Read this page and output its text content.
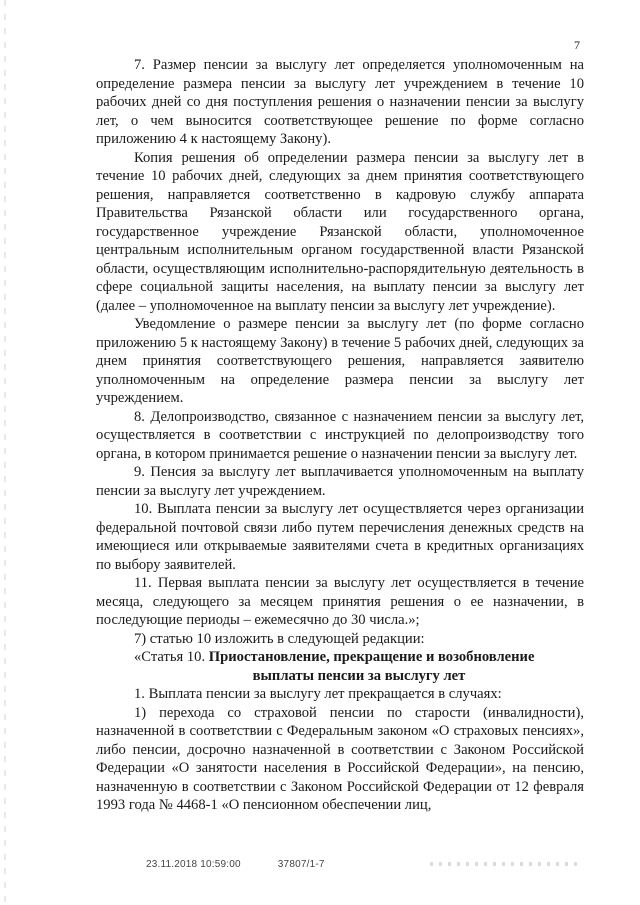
7

7. Размер пенсии за выслугу лет определяется уполномоченным на определение размера пенсии за выслугу лет учреждением в течение 10 рабочих дней со дня поступления решения о назначении пенсии за выслугу лет, о чем выносится соответствующее решение по форме согласно приложению 4 к настоящему Закону).

Копия решения об определении размера пенсии за выслугу лет в течение 10 рабочих дней, следующих за днем принятия соответствующего решения, направляется соответственно в кадровую службу аппарата Правительства Рязанской области или государственного органа, государственное учреждение Рязанской области, уполномоченное центральным исполнительным органом государственной власти Рязанской области, осуществляющим исполнительно-распорядительную деятельность в сфере социальной защиты населения, на выплату пенсии за выслугу лет (далее – уполномоченное на выплату пенсии за выслугу лет учреждение).

Уведомление о размере пенсии за выслугу лет (по форме согласно приложению 5 к настоящему Закону) в течение 5 рабочих дней, следующих за днем принятия соответствующего решения, направляется заявителю уполномоченным на определение размера пенсии за выслугу лет учреждением.

8. Делопроизводство, связанное с назначением пенсии за выслугу лет, осуществляется в соответствии с инструкцией по делопроизводству того органа, в котором принимается решение о назначении пенсии за выслугу лет.

9. Пенсия за выслугу лет выплачивается уполномоченным на выплату пенсии за выслугу лет учреждением.

10. Выплата пенсии за выслугу лет осуществляется через организации федеральной почтовой связи либо путем перечисления денежных средств на имеющиеся или открываемые заявителями счета в кредитных организациях по выбору заявителей.

11. Первая выплата пенсии за выслугу лет осуществляется в течение месяца, следующего за месяцем принятия решения о ее назначении, в последующие периоды – ежемесячно до 30 числа.»;

7) статью 10 изложить в следующей редакции:

«Статья 10. Приостановление, прекращение и возобновление
выплаты пенсии за выслугу лет

1. Выплата пенсии за выслугу лет прекращается в случаях:

1) перехода со страховой пенсии по старости (инвалидности), назначенной в соответствии с Федеральным законом «О страховых пенсиях», либо пенсии, досрочно назначенной в соответствии с Законом Российской Федерации «О занятости населения в Российской Федерации», на пенсию, назначенную в соответствии с Законом Российской Федерации от 12 февраля 1993 года № 4468-1 «О пенсионном обеспечении лиц,

23.11.2018 10:59:00	37807/1-7
